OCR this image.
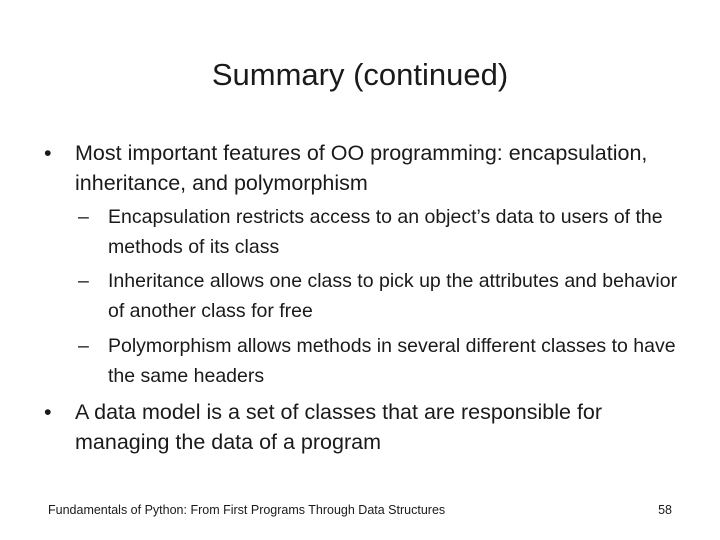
Summary (continued)
• Most important features of OO programming: encapsulation, inheritance, and polymorphism
– Encapsulation restricts access to an object’s data to users of the methods of its class
– Inheritance allows one class to pick up the attributes and behavior of another class for free
– Polymorphism allows methods in several different classes to have the same headers
• A data model is a set of classes that are responsible for managing the data of a program
Fundamentals of Python: From First Programs Through Data Structures	58
